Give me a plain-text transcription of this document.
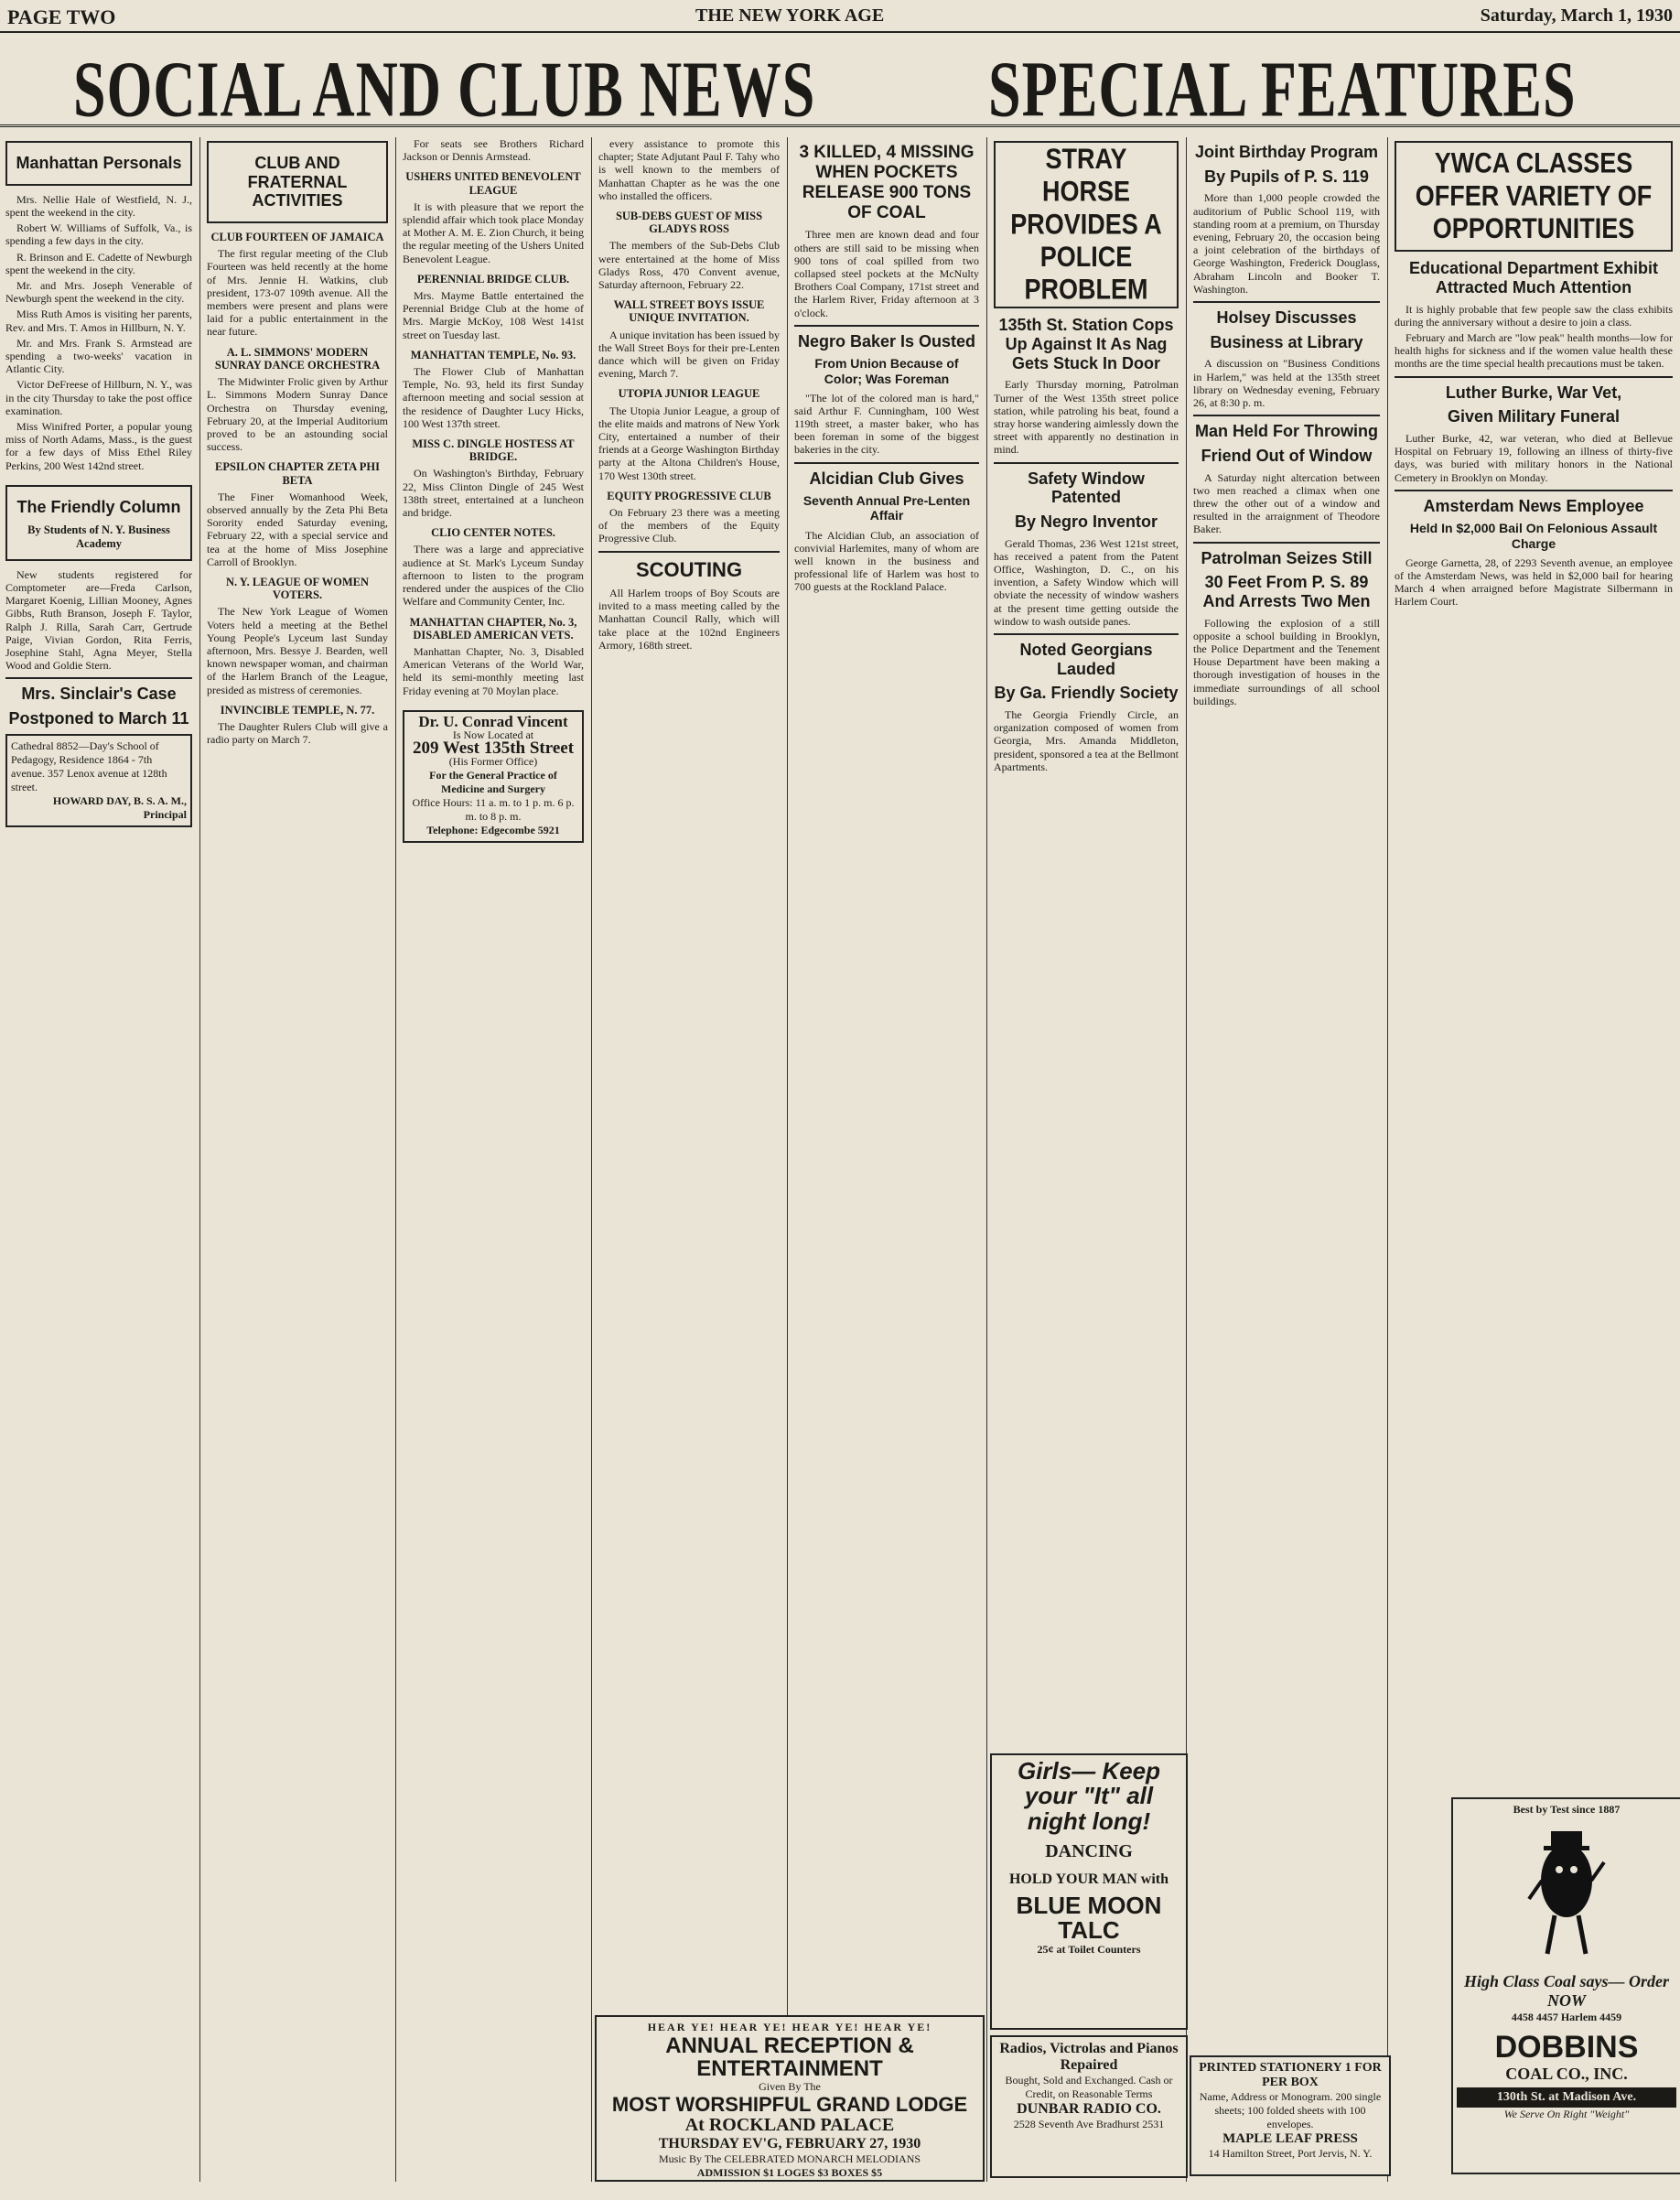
PAGE TWO	THE NEW YORK AGE	Saturday, March 1, 1930
SOCIAL AND CLUB NEWS	SPECIAL FEATURES
Manhattan Personals

Mrs. Nellie Hale of Westfield, N. J., spent the weekend in the city.

Robert W. Williams of Suffolk, Va., is spending a few days in the city.

R. Brinson and E. Cadette of Newburgh spent the weekend in the city.

Mr. and Mrs. Joseph Venerable of Newburgh spent the weekend in the city.

Miss Ruth Amos is visiting her parents, Rev. and Mrs. T. Amos in Hillburn, N. Y.

Mr. and Mrs. Frank S. Armstead are spending a two-weeks' vacation in Atlantic City.

Victor DeFreese of Hillburn, N. Y., was in the city Thursday to take the post office examination.

Miss Winifred Porter, a popular young miss of North Adams, Mass., is the guest for a few days of Miss Ethel Riley Perkins, 200 West 142nd street.

The Friendly Column
By Students of N. Y. Business Academy

New students registered for Comptometer are—Freda Carlson, Margaret Koenig, Lillian Mooney, Agnes Gibbs, Ruth Branson, Joseph F. Taylor, Ralph J. Rilla, Sarah Carr, Gertrude Paige, Vivian Gordon, Rita Ferris, Josephine Stahl, Agna Meyer, Stella Wood and Goldie Stern.

Mrs. Sinclair's Case
Postponed to March 11
Cathedral 8852—Day's School of Pedagogy, Residence 1864 - 7th avenue. 357 Lenox avenue at 128th street.
HOWARD DAY, B. S. A. M., Principal
CLUB AND FRATERNAL ACTIVITIES
CLUB FOURTEEN OF JAMAICA

The first regular meeting of the Club Fourteen was held recently at the home of Mrs. Jennie H. Watkins, club president, 173-07 109th avenue. All the members were present and plans were laid for a public entertainment in the near future.

A. L. SIMMONS' MODERN SUNRAY DANCE ORCHESTRA

The Midwinter Frolic given by Arthur L. Simmons Modern Sunray Dance Orchestra on Thursday evening, February 20, at the Imperial Auditorium proved to be an astounding social success.

EPSILON CHAPTER ZETA PHI BETA

The Finer Womanhood Week, observed annually by the Zeta Phi Beta Sorority ended Saturday evening, February 22, with a special service and tea at the home of Miss Josephine Carroll of Brooklyn.

N. Y. LEAGUE OF WOMEN VOTERS.

The New York League of Women Voters held a meeting at the Bethel Young People's Lyceum last Sunday afternoon, Mrs. Bessye J. Bearden, well known newspaper woman, and chairman of the Harlem Branch of the League, presided as mistress of ceremonies.

INVINCIBLE TEMPLE, N. 77.

The Daughter Rulers Club will give a radio party on March 7.

For seats see Brothers Richard Jackson or Dennis Armstead.

USHERS UNITED BENEVOLENT LEAGUE

It is with pleasure that we report the splendid affair which took place Monday at Mother A. M. E. Zion Church, it being the regular meeting of the Ushers United Benevolent League.

PERENNIAL BRIDGE CLUB.

Mrs. Mayme Battle entertained the Perennial Bridge Club at the home of Mrs. Margie McKoy, 108 West 141st street on Tuesday last.

MANHATTAN TEMPLE, No. 93.

The Flower Club of Manhattan Temple, No. 93, held its first Sunday afternoon meeting and social session at the residence of Daughter Lucy Hicks, 100 West 137th street.

MISS C. DINGLE HOSTESS AT BRIDGE.

On Washington's Birthday, February 22, Miss Clinton Dingle of 245 West 138th street, entertained at a luncheon and bridge.

CLIO CENTER NOTES.

There was a large and appreciative audience at St. Mark's Lyceum Sunday afternoon to listen to the program rendered under the auspices of the Clio Welfare and Community Center, Inc.

MANHATTAN CHAPTER, No. 3, DISABLED AMERICAN VETS.

Manhattan Chapter, No. 3, Disabled American Veterans of the World War, held its semi-monthly meeting last Friday evening at 70 Moylan place.

Dr. U. Conrad Vincent
Is Now Located at
209 West 135th Street
(His Former Office)
For the General Practice of Medicine and Surgery
Office Hours: 11 a. m. to 1 p. m. 6 p. m. to 8 p. m.
Telephone: Edgecombe 5921

every assistance to promote this chapter; State Adjutant Paul F. Tahy who is well known to the members of Manhattan Chapter as he was the one who installed the officers.

SUB-DEBS GUEST OF MISS GLADYS ROSS

The members of the Sub-Debs Club were entertained at the home of Miss Gladys Ross, 470 Convent avenue, Saturday afternoon, February 22.

WALL STREET BOYS ISSUE UNIQUE INVITATION.

A unique invitation has been issued by the Wall Street Boys for their pre-Lenten dance which will be given on Friday evening, March 7.

UTOPIA JUNIOR LEAGUE

The Utopia Junior League, a group of the elite maids and matrons of New York City, entertained a number of their friends at a George Washington Birthday party at the Altona Children's House, 170 West 130th street.

EQUITY PROGRESSIVE CLUB

On February 23 there was a meeting of the members of the Equity Progressive Club.

SCOUTING

All Harlem troops of Boy Scouts are invited to a mass meeting called by the Manhattan Council Rally, which will take place at the 102nd Engineers Armory, 168th street.

3 KILLED, 4 MISSING WHEN POCKETS RELEASE 900 TONS OF COAL

Three men are known dead and four others are still said to be missing when 900 tons of coal spilled from two collapsed steel pockets at the McNulty Brothers Coal Company, 171st street and the Harlem River, Friday afternoon at 3 o'clock.

Negro Baker Is Ousted
From Union Because of Color; Was Foreman

"The lot of the colored man is hard," said Arthur F. Cunningham, 100 West 119th street, a master baker, who has been foreman in some of the biggest bakeries in the city.

Alcidian Club Gives
Seventh Annual Pre-Lenten Affair

The Alcidian Club, an association of convivial Harlemites, many of whom are well known in the business and professional life of Harlem was host to 700 guests at the Rockland Palace.

HEAR YE! HEAR YE! HEAR YE! HEAR YE!
ANNUAL RECEPTION & ENTERTAINMENT
Given By The
MOST WORSHIPFUL GRAND LODGE
At ROCKLAND PALACE
THURSDAY EV'G, FEBRUARY 27, 1930
Music By The CELEBRATED MONARCH MELODIANS
ADMISSION $1 LOGES $3 BOXES $5
STRAY HORSE PROVIDES A POLICE PROBLEM
135th St. Station Cops Up Against It As Nag Gets Stuck In Door

Early Thursday morning, Patrolman Turner of the West 135th street police station, while patroling his beat, found a stray horse wandering aimlessly down the street with apparently no destination in mind.

Safety Window Patented
By Negro Inventor

Gerald Thomas, 236 West 121st street, has received a patent from the Patent Office, Washington, D. C., on his invention, a Safety Window which will obviate the necessity of window washers at the present time getting outside the window to wash outside panes.

Noted Georgians Lauded
By Ga. Friendly Society

The Georgia Friendly Circle, an organization composed of women from Georgia, Mrs. Amanda Middleton, president, sponsored a tea at the Bellmont Apartments.

Girls— Keep your "It" all night long!
DANCING
HOLD YOUR MAN with
BLUE MOON TALC
25¢ at Toilet Counters
Radios, Victrolas and Pianos Repaired
Bought, Sold and Exchanged. Cash or Credit, on Reasonable Terms
DUNBAR RADIO CO.
2528 Seventh Ave Bradhurst 2531
Joint Birthday Program
By Pupils of P. S. 119

More than 1,000 people crowded the auditorium of Public School 119, with standing room at a premium, on Thursday evening, February 20, the occasion being a joint celebration of the birthdays of George Washington, Frederick Douglass, Abraham Lincoln and Booker T. Washington.

Holsey Discusses
Business at Library

A discussion on "Business Conditions in Harlem," was held at the 135th street library on Wednesday evening, February 26, at 8:30 p. m.

Man Held For Throwing
Friend Out of Window

A Saturday night altercation between two men reached a climax when one threw the other out of a window and resulted in the arraignment of Theodore Baker.

Patrolman Seizes Still
30 Feet From P. S. 89 And Arrests Two Men

Following the explosion of a still opposite a school building in Brooklyn, the Police Department and the Tenement House Department have been making a thorough investigation of houses in the immediate surroundings of all school buildings.

PRINTED STATIONERY 1 FOR PER BOX
Name, Address or Monogram. 200 single sheets; 100 folded sheets with 100 envelopes.
MAPLE LEAF PRESS
14 Hamilton Street, Port Jervis, N. Y.
YWCA CLASSES OFFER VARIETY OF OPPORTUNITIES
Educational Department Exhibit Attracted Much Attention

It is highly probable that few people saw the class exhibits during the anniversary without a desire to join a class.

February and March are "low peak" health months—low for health highs for sickness and if the women value health these months are the time special health precautions must be taken.

Luther Burke, War Vet,
Given Military Funeral

Luther Burke, 42, war veteran, who died at Bellevue Hospital on February 19, following an illness of thirty-five days, was buried with military honors in the National Cemetery in Brooklyn on Monday.

Amsterdam News Employee
Held In $2,000 Bail On Felonious Assault Charge

George Garnetta, 28, of 2293 Seventh avenue, an employee of the Amsterdam News, was held in $2,000 bail for hearing March 4 when arraigned before Magistrate Silbermann in Harlem Court.

Best by Test since 1887
High Class Coal says— Order NOW
4458 4457 Harlem 4459
DOBBINS
COAL CO., INC.
130th St. at Madison Ave.
We Serve On Right "Weight"
